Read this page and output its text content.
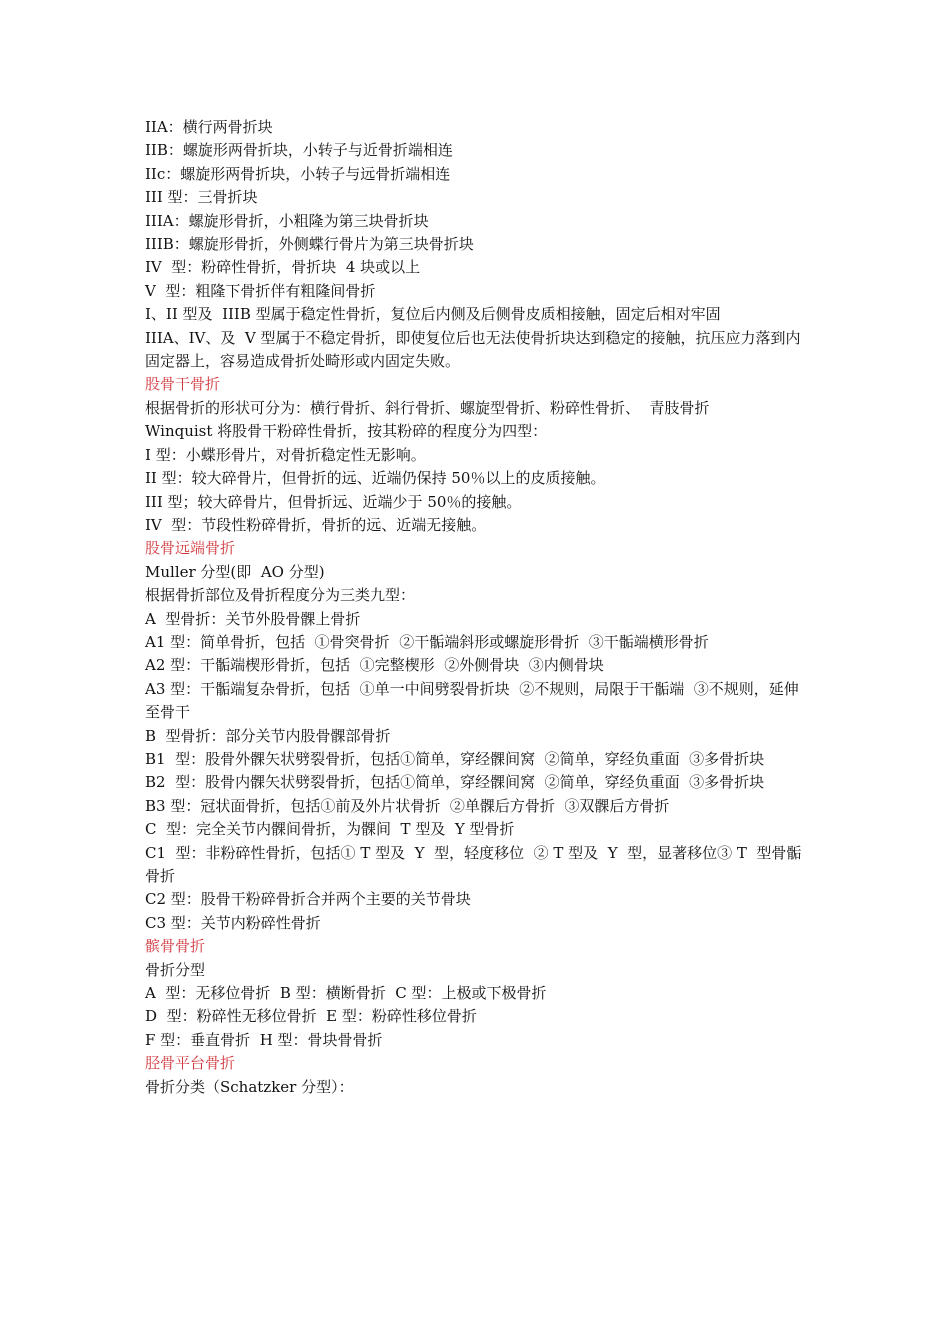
IIA：横行两骨折块

IIB：螺旋形两骨折块，小转子与近骨折端相连

IIc：螺旋形两骨折块，小转子与远骨折端相连

III 型：三骨折块

IIIA：螺旋形骨折，小粗隆为第三块骨折块

IIIB：螺旋形骨折，外侧蝶行骨片为第三块骨折块

IV  型：粉碎性骨折，骨折块  4 块或以上

V  型：粗隆下骨折伴有粗隆间骨折

I、II 型及  IIIB 型属于稳定性骨折，复位后内侧及后侧骨皮质相接触，固定后相对牢固

IIIA、IV、及  V 型属于不稳定骨折，即使复位后也无法使骨折块达到稳定的接触，抗压应力落到内固定器上，容易造成骨折处畸形或内固定失败。

股骨干骨折

根据骨折的形状可分为：横行骨折、斜行骨折、螺旋型骨折、粉碎性骨折、  青肢骨折

Winquist 将股骨干粉碎性骨折，按其粉碎的程度分为四型：

I 型：小蝶形骨片，对骨折稳定性无影响。

II 型：较大碎骨片，但骨折的远、近端仍保持 50％以上的皮质接触。

III 型；较大碎骨片，但骨折远、近端少于 50％的接触。

IV  型：节段性粉碎骨折，骨折的远、近端无接触。

股骨远端骨折

Muller 分型(即  AO 分型)

根据骨折部位及骨折程度分为三类九型：

A  型骨折：关节外股骨髁上骨折

A1 型：简单骨折，包括  ①骨突骨折  ②干骺端斜形或螺旋形骨折  ③干骺端横形骨折

A2 型：干骺端楔形骨折，包括  ①完整楔形  ②外侧骨块  ③内侧骨块

A3 型：干骺端复杂骨折，包括  ①单一中间劈裂骨折块  ②不规则，局限于干骺端  ③不规则，延伸至骨干

B  型骨折：部分关节内股骨髁部骨折

B1  型：股骨外髁矢状劈裂骨折，包括①简单，穿经髁间窝  ②简单，穿经负重面  ③多骨折块

B2  型：股骨内髁矢状劈裂骨折，包括①简单，穿经髁间窝  ②简单，穿经负重面  ③多骨折块

B3 型：冠状面骨折，包括①前及外片状骨折  ②单髁后方骨折  ③双髁后方骨折

C  型：完全关节内髁间骨折，为髁间  T 型及  Y 型骨折

C1  型：非粉碎性骨折，包括① T 型及  Y  型，轻度移位  ② T 型及  Y  型，显著移位③ T  型骨骺骨折

C2 型：股骨干粉碎骨折合并两个主要的关节骨块

C3 型：关节内粉碎性骨折

髌骨骨折

骨折分型

A  型：无移位骨折  B 型：横断骨折  C 型：上极或下极骨折

D  型：粉碎性无移位骨折  E 型：粉碎性移位骨折

F 型：垂直骨折  H 型：骨块骨骨折

胫骨平台骨折

骨折分类（Schatzker 分型）：
